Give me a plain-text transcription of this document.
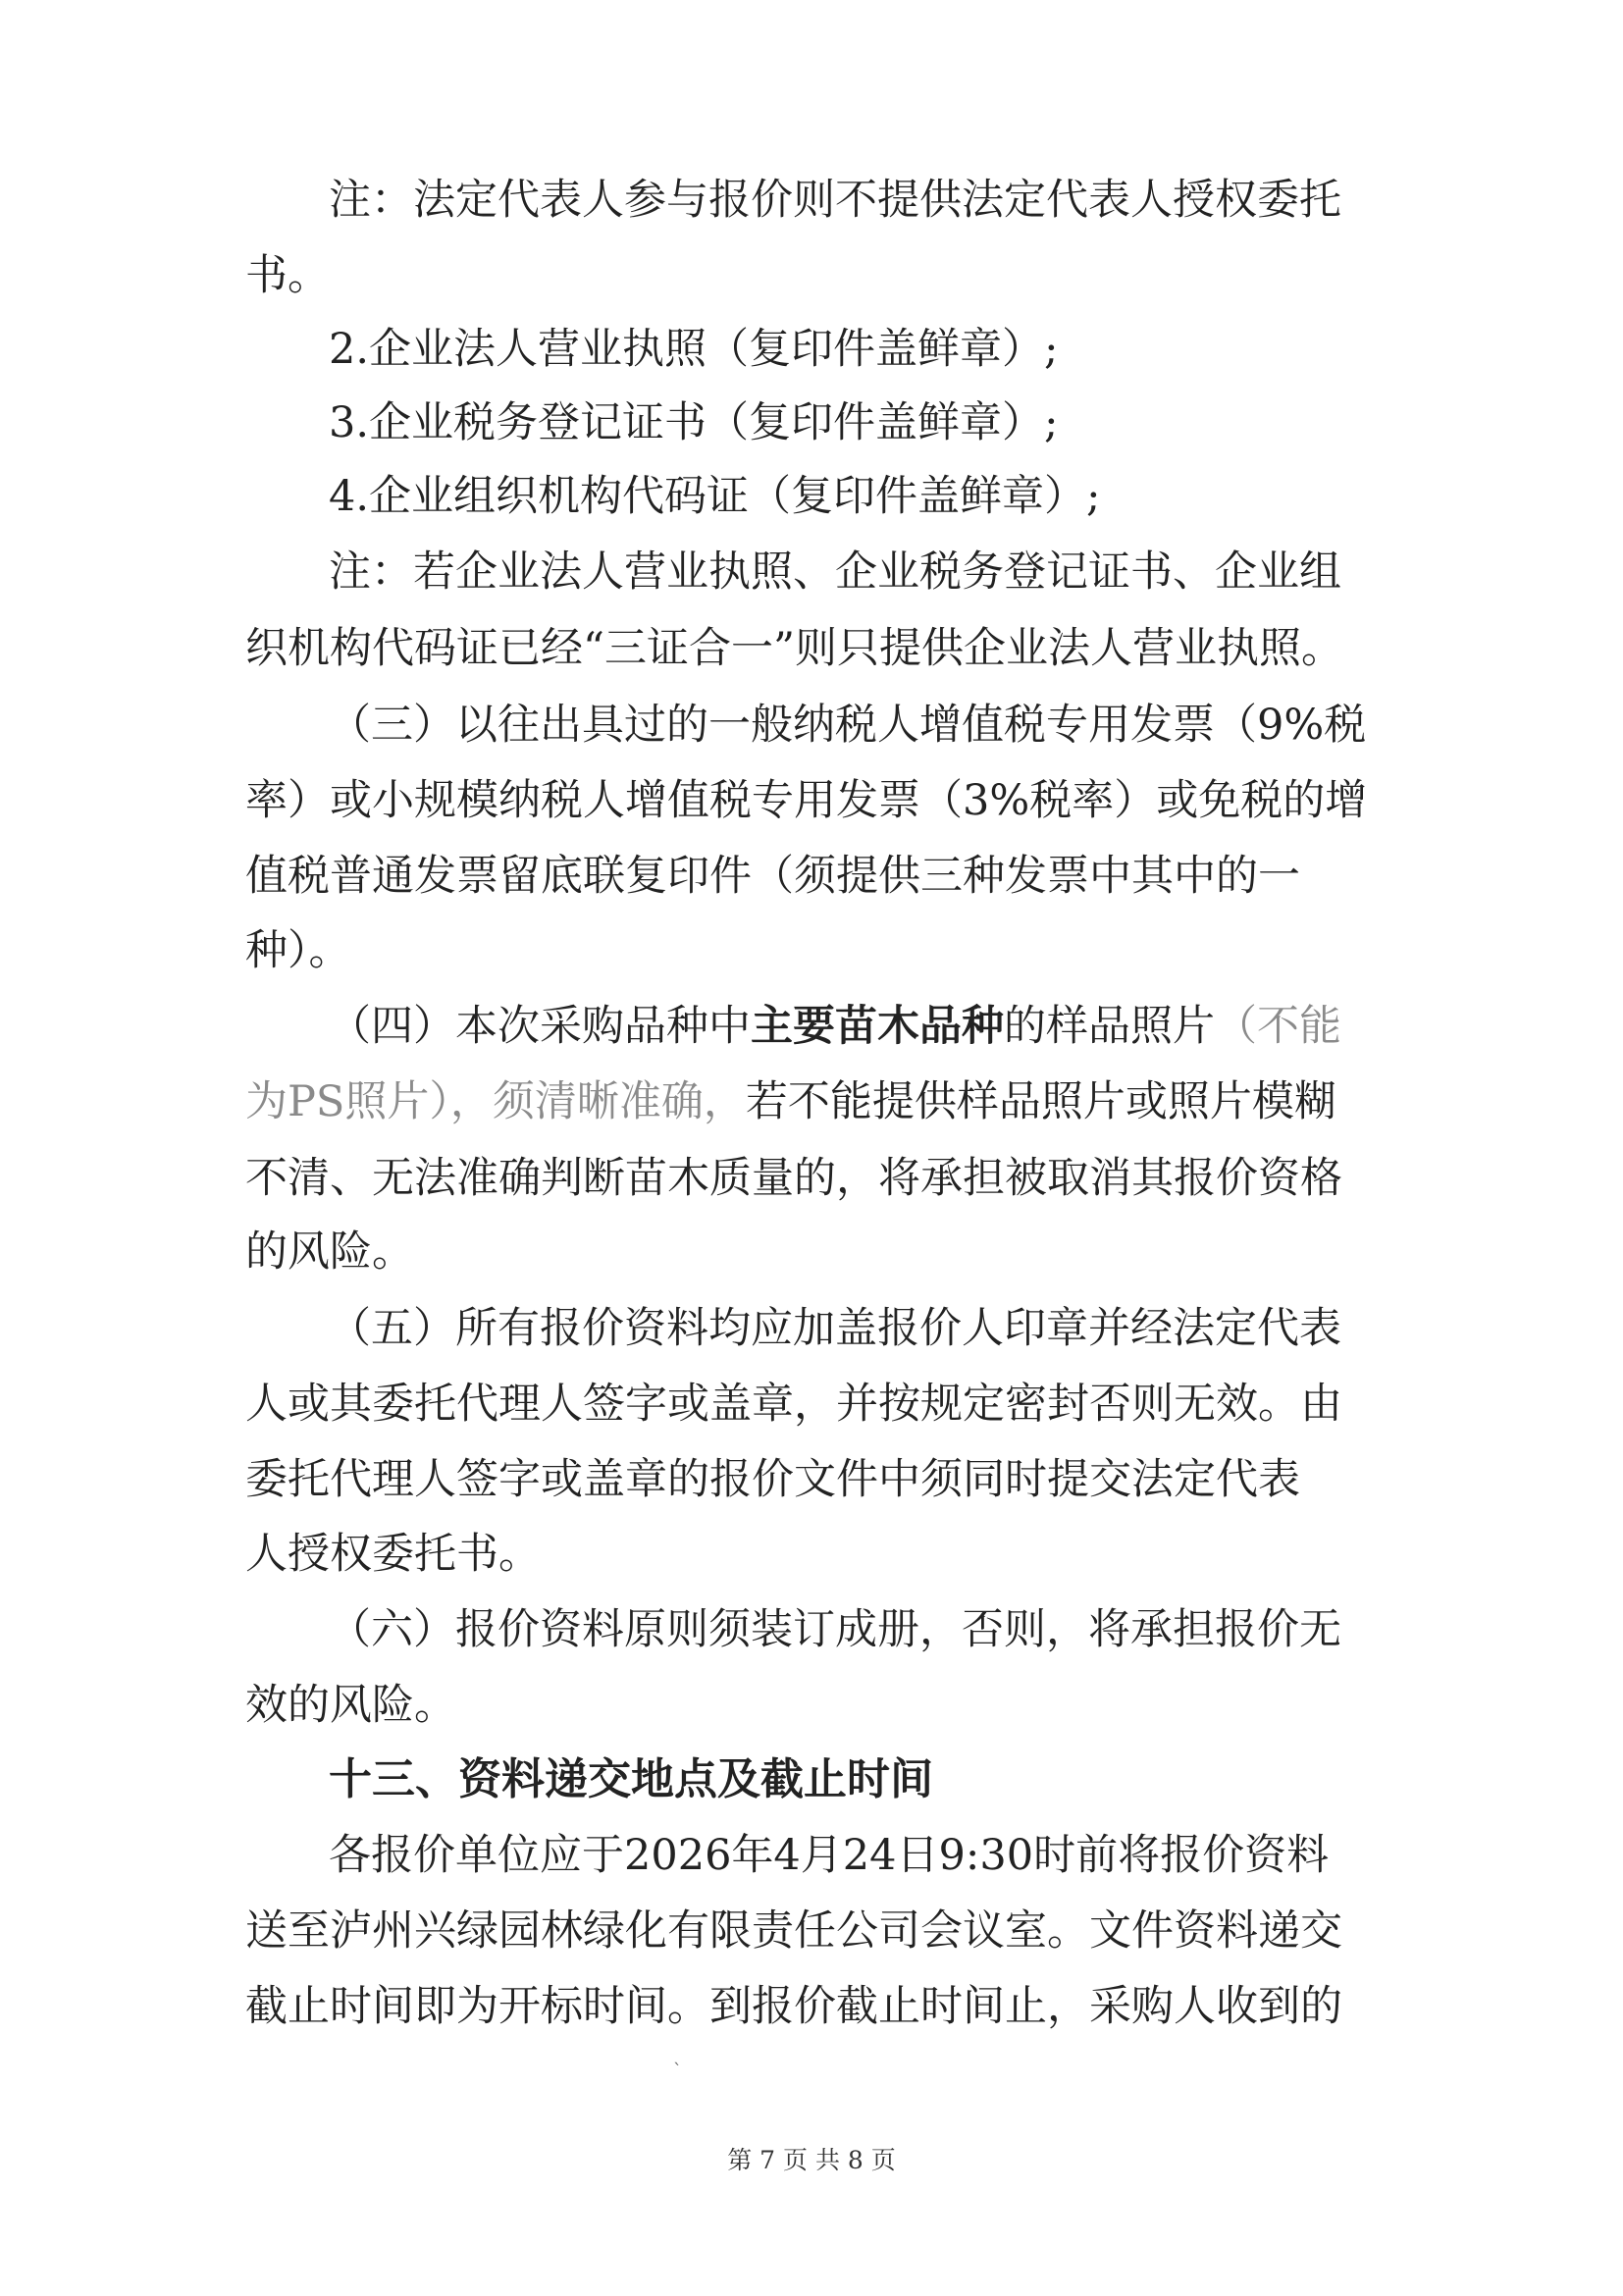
注：法定代表人参与报价则不提供法定代表人授权委托
书。
2.企业法人营业执照（复印件盖鲜章）;
3.企业税务登记证书（复印件盖鲜章）;
4.企业组织机构代码证（复印件盖鲜章）;
注：若企业法人营业执照、企业税务登记证书、企业组
织机构代码证已经“三证合一”则只提供企业法人营业执照。
（三）以往出具过的一般纳税人增值税专用发票（9%税
率）或小规模纳税人增值税专用发票（3%税率）或免税的增
值税普通发票留底联复印件（须提供三种发票中其中的一
种）。
（四）本次采购品种中主要苗木品种的样品照片（不能
为PS照片），须清晰准确，若不能提供样品照片或照片模糊
不清、无法准确判断苗木质量的，将承担被取消其报价资格
的风险。
（五）所有报价资料均应加盖报价人印章并经法定代表
人或其委托代理人签字或盖章，并按规定密封否则无效。由
委托代理人签字或盖章的报价文件中须同时提交法定代表
人授权委托书。
（六）报价资料原则须装订成册，否则，将承担报价无
效的风险。
十三、资料递交地点及截止时间
各报价单位应于2026年4月24日9:30时前将报价资料
送至泸州兴绿园林绿化有限责任公司会议室。文件资料递交
截止时间即为开标时间。到报价截止时间止，采购人收到的
ˋ
第 7 页 共 8 页
